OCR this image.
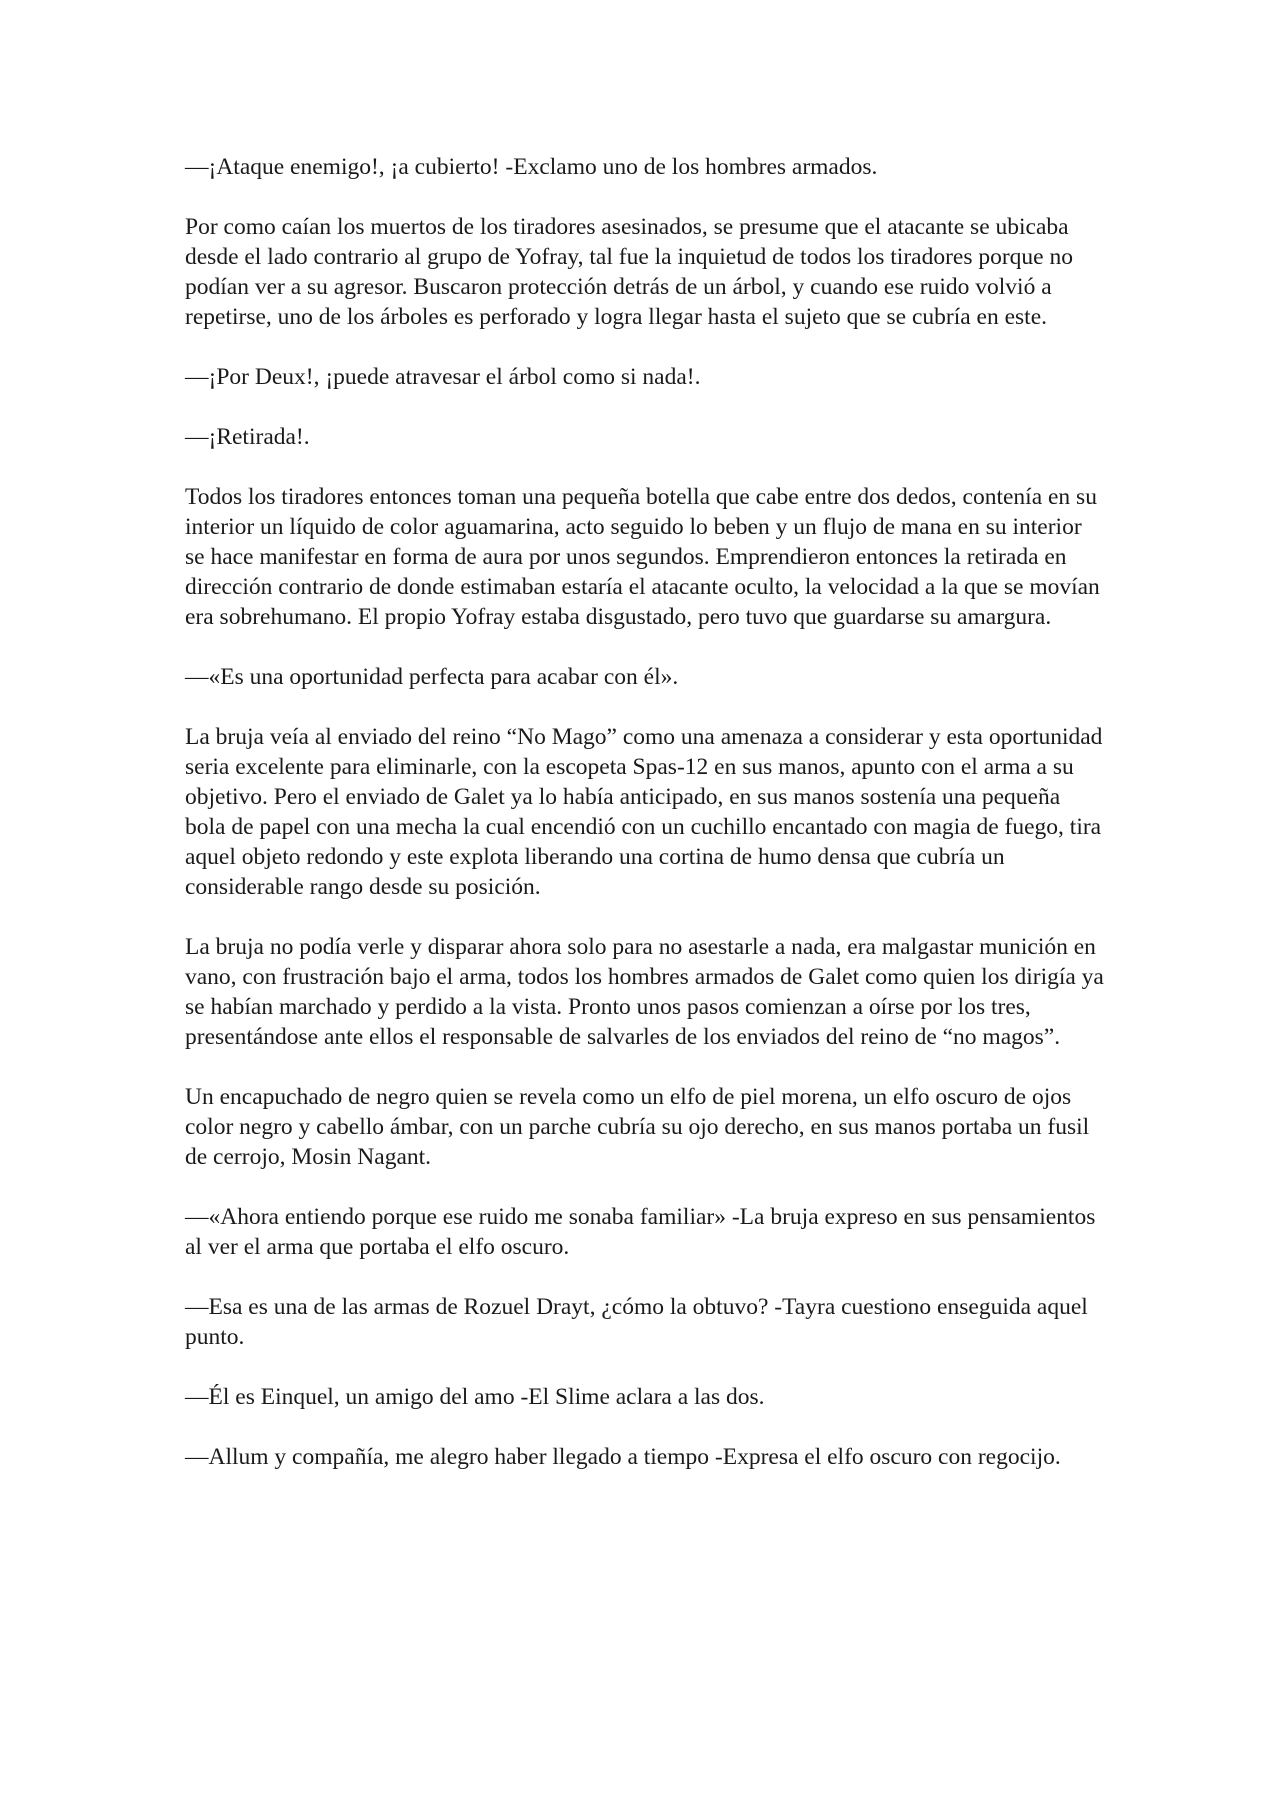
—¡Ataque enemigo!, ¡a cubierto! -Exclamo uno de los hombres armados.

Por como caían los muertos de los tiradores asesinados, se presume que el atacante se ubicaba desde el lado contrario al grupo de Yofray, tal fue la inquietud de todos los tiradores porque no podían ver a su agresor. Buscaron protección detrás de un árbol, y cuando ese ruido volvió a repetirse, uno de los árboles es perforado y logra llegar hasta el sujeto que se cubría en este.

—¡Por Deux!, ¡puede atravesar el árbol como si nada!.

—¡Retirada!.

Todos los tiradores entonces toman una pequeña botella que cabe entre dos dedos, contenía en su interior un líquido de color aguamarina, acto seguido lo beben y un flujo de mana en su interior se hace manifestar en forma de aura por unos segundos. Emprendieron entonces la retirada en dirección contrario de donde estimaban estaría el atacante oculto, la velocidad a la que se movían era sobrehumano. El propio Yofray estaba disgustado, pero tuvo que guardarse su amargura.

—«Es una oportunidad perfecta para acabar con él».

La bruja veía al enviado del reino “No Mago” como una amenaza a considerar y esta oportunidad seria excelente para eliminarle, con la escopeta Spas-12 en sus manos, apunto con el arma a su objetivo. Pero el enviado de Galet ya lo había anticipado, en sus manos sostenía una pequeña bola de papel con una mecha la cual encendió con un cuchillo encantado con magia de fuego, tira aquel objeto redondo y este explota liberando una cortina de humo densa que cubría un considerable rango desde su posición.

La bruja no podía verle y disparar ahora solo para no asestarle a nada, era malgastar munición en vano, con frustración bajo el arma, todos los hombres armados de Galet como quien los dirigía ya se habían marchado y perdido a la vista. Pronto unos pasos comienzan a oírse por los tres, presentándose ante ellos el responsable de salvarles de los enviados del reino de “no magos”.

Un encapuchado de negro quien se revela como un elfo de piel morena, un elfo oscuro de ojos color negro y cabello ámbar, con un parche cubría su ojo derecho, en sus manos portaba un fusil de cerrojo, Mosin Nagant.

—«Ahora entiendo porque ese ruido me sonaba familiar» -La bruja expreso en sus pensamientos al ver el arma que portaba el elfo oscuro.

—Esa es una de las armas de Rozuel Drayt, ¿cómo la obtuvo? -Tayra cuestiono enseguida aquel punto.

—Él es Einquel, un amigo del amo -El Slime aclara a las dos.

—Allum y compañía, me alegro haber llegado a tiempo -Expresa el elfo oscuro con regocijo.
